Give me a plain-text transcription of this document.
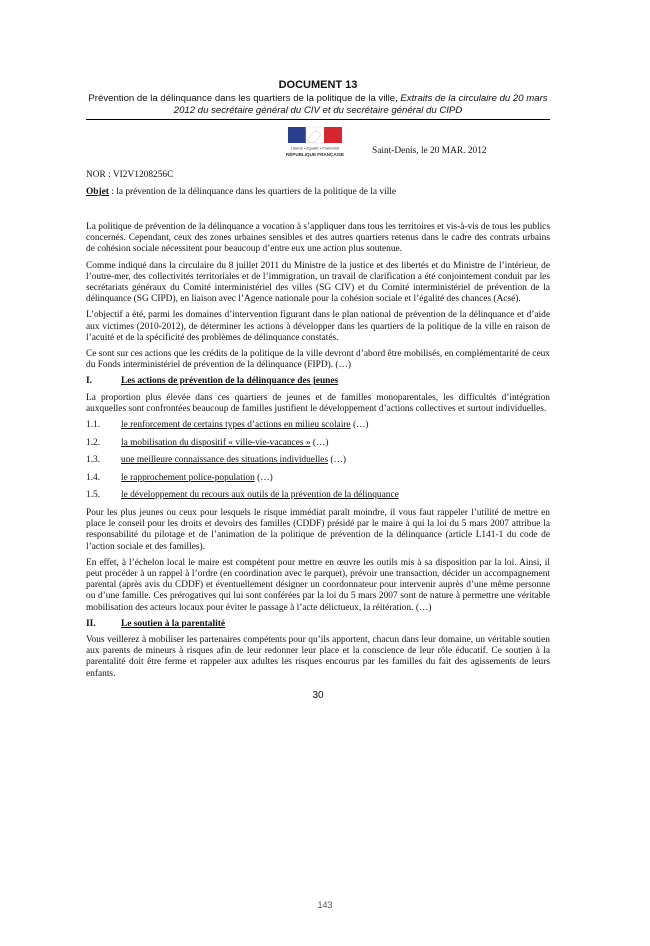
DOCUMENT 13
Prévention de la délinquance dans les quartiers de la politique de la ville, Extraits de la circulaire du 20 mars 2012 du secrétaire général du CIV et du secrétaire général du CIPD
Liberté • Égalité • Fraternité
RÉPUBLIQUE FRANÇAISE	Saint-Denis, le 20 MAR. 2012
NOR : VI2V1208256C
Objet : la prévention de la délinquance dans les quartiers de la politique de la ville

La politique de prévention de la délinquance a vocation à s’appliquer dans tous les territoires et vis-à-vis de tous les publics concernés. Cependant, ceux des zones urbaines sensibles et des autres quartiers retenus dans le cadre des contrats urbains de cohésion sociale nécessitent pour beaucoup d’entre eux une action plus soutenue.

Comme indiqué dans la circulaire du 8 juillet 2011 du Ministre de la justice et des libertés et du Ministre de l’intérieur, de l’outre-mer, des collectivités territoriales et de l’immigration, un travail de clarification a été conjointement conduit par les secrétariats généraux du Comité interministériel des villes (SG CIV) et du Comité interministériel de prévention de la délinquance (SG CIPD), en liaison avec l’Agence nationale pour la cohésion sociale et l’égalité des chances (Acsé).

L’objectif a été, parmi les domaines d’intervention figurant dans le plan national de prévention de la délinquance et d’aide aux victimes (2010-2012), de déterminer les actions à développer dans les quartiers de la politique de la ville en raison de l’acuité et de la spécificité des problèmes de délinquance constatés.

Ce sont sur ces actions que les crédits de la politique de la ville devront d’abord être mobilisés, en complémentarité de ceux du Fonds interministériel de prévention de la délinquance (FIPD). (…)

I.	Les actions de prévention de la délinquance des jeunes

La proportion plus élevée dans ces quartiers de jeunes et de familles monoparentales, les difficultés d’intégration auxquelles sont confrontées beaucoup de familles justifient le développement d’actions collectives et surtout individuelles.

1.1.	le renforcement de certains types d’actions en milieu scolaire (…)
1.2.	la mobilisation du dispositif « ville-vie-vacances » (…)
1.3.	une meilleure connaissance des situations individuelles (…)
1.4.	le rapprochement police-population (…)
1.5.	le développement du recours aux outils de la prévention de la délinquance

Pour les plus jeunes ou ceux pour lesquels le risque immédiat paraît moindre, il vous faut rappeler l’utilité de mettre en place le conseil pour les droits et devoirs des familles (CDDF) présidé par le maire à qui la loi du 5 mars 2007 attribue la responsabilité du pilotage et de l’animation de la politique de prévention de la délinquance (article L141-1 du code de l’action sociale et des familles).

En effet, à l’échelon local le maire est compétent pour mettre en œuvre les outils mis à sa disposition par la loi. Ainsi, il peut procéder à un rappel à l’ordre (en coordination avec le parquet), prévoir une transaction, décider un accompagnement parental (après avis du CDDF) et éventuellement désigner un coordonnateur pour intervenir auprès d’une même personne ou d’une famille. Ces prérogatives qui lui sont conférées par la loi du 5 mars 2007 sont de nature à permettre une véritable mobilisation des acteurs locaux pour éviter le passage à l’acte délictueux, la réitération. (…)

II.	Le soutien à la parentalité

Vous veillerez à mobiliser les partenaires compétents pour qu’ils apportent, chacun dans leur domaine, un véritable soutien aux parents de mineurs à risques afin de leur redonner leur place et la conscience de leur rôle éducatif. Ce soutien à la parentalité doit être ferme et rappeler aux adultes les risques encourus par les familles du fait des agissements de leurs enfants.

30
143
